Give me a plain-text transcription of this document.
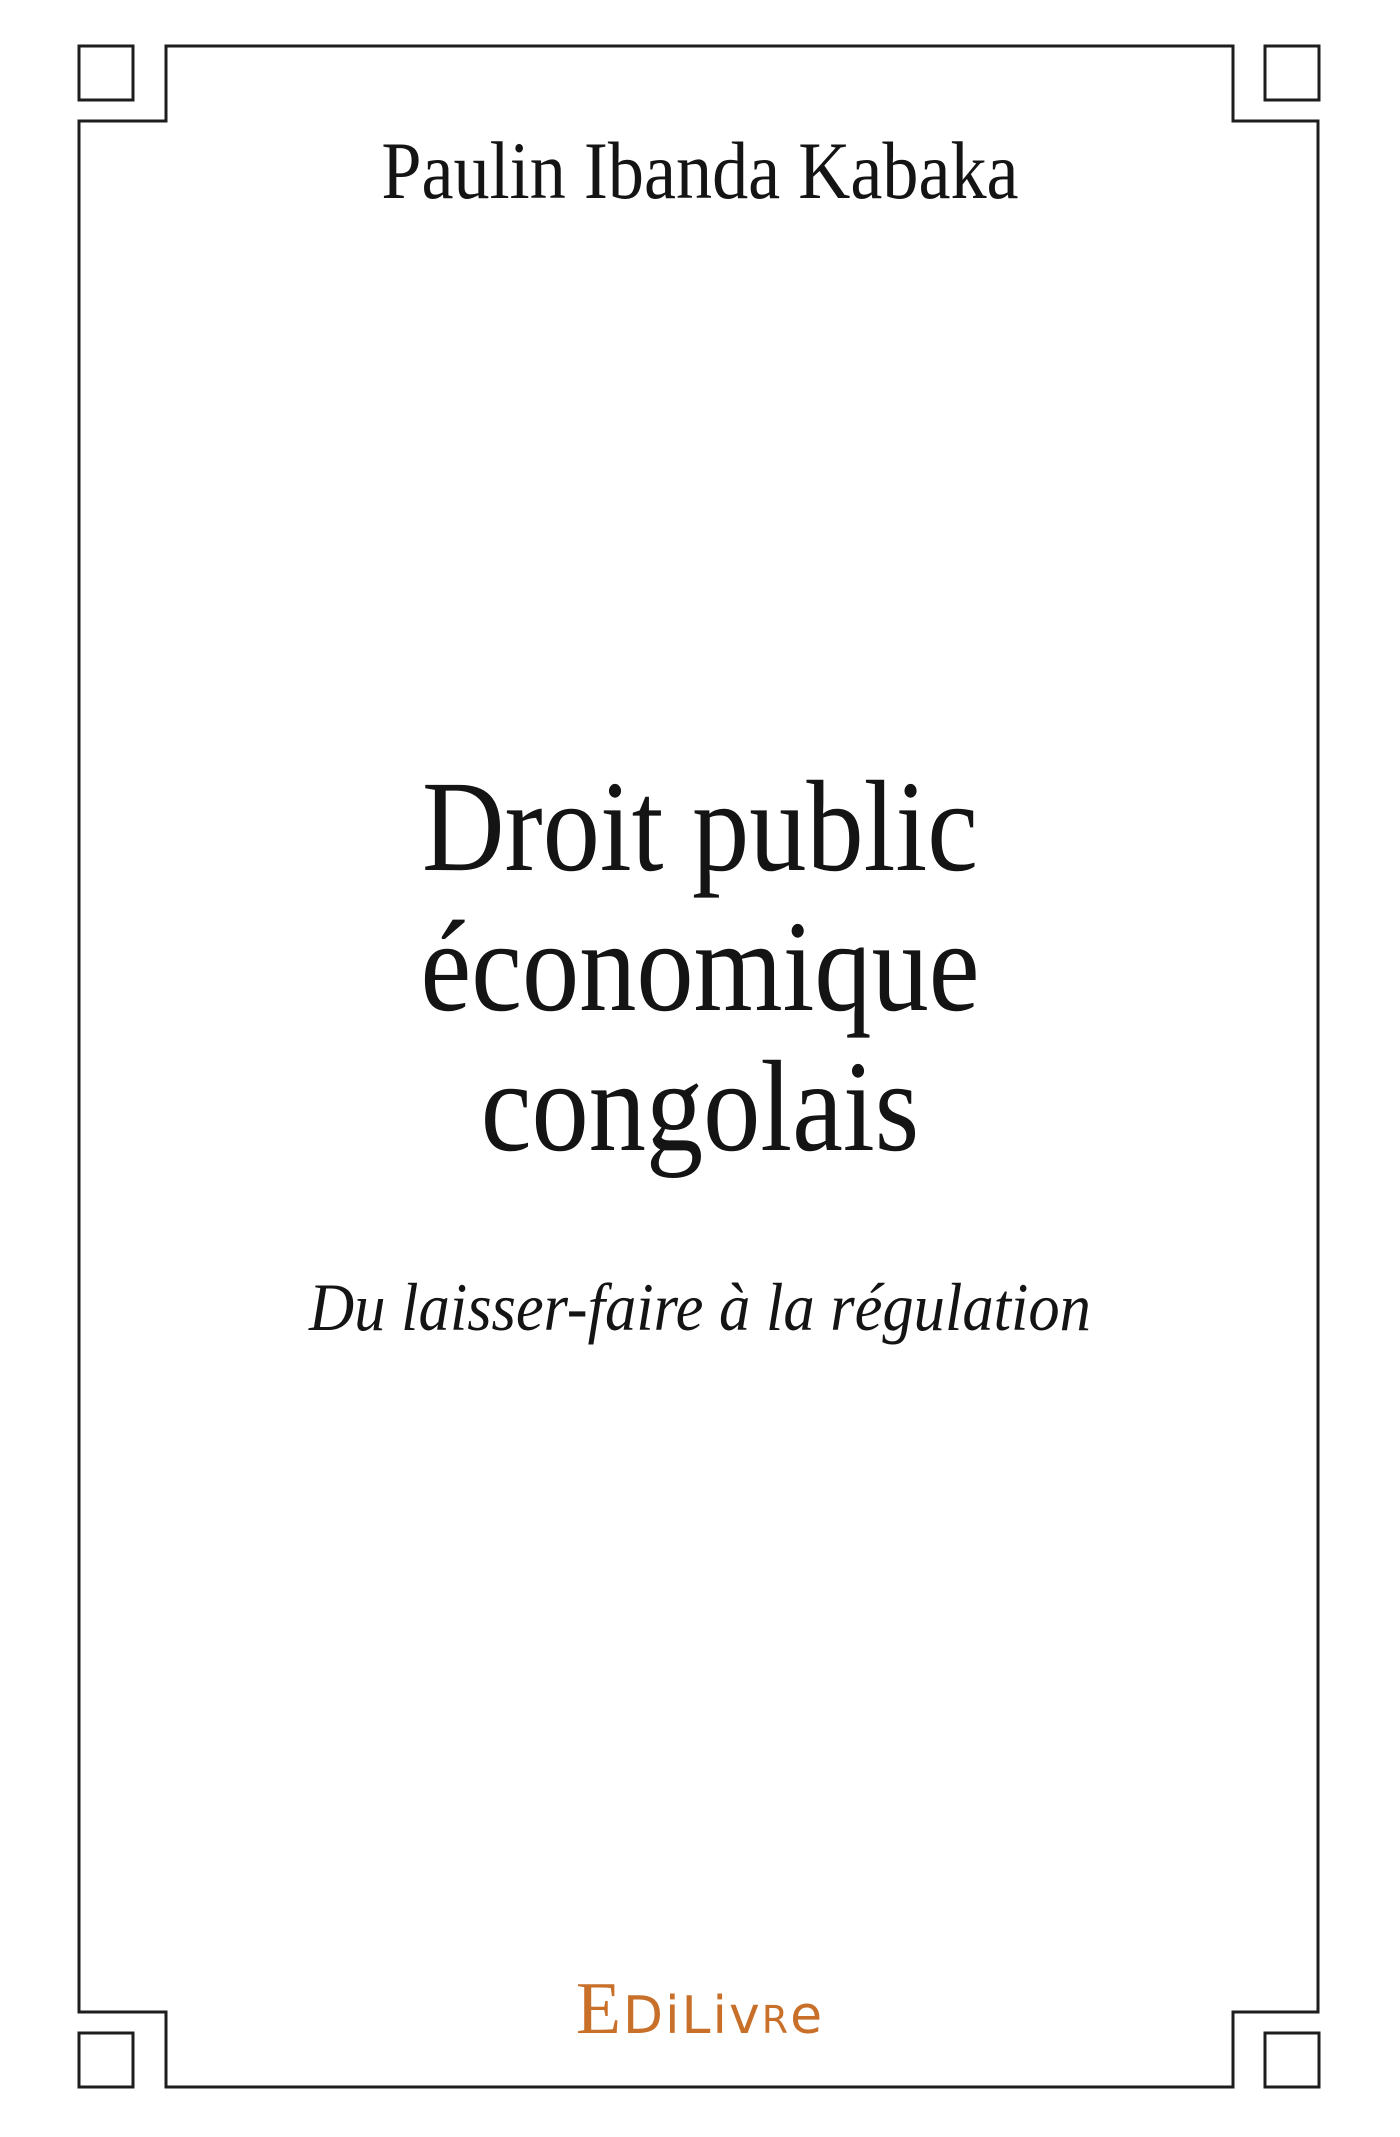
Paulin Ibanda Kabaka
Droit public
économique
congolais
Du laisser-faire à la régulation
EDiLivRe
